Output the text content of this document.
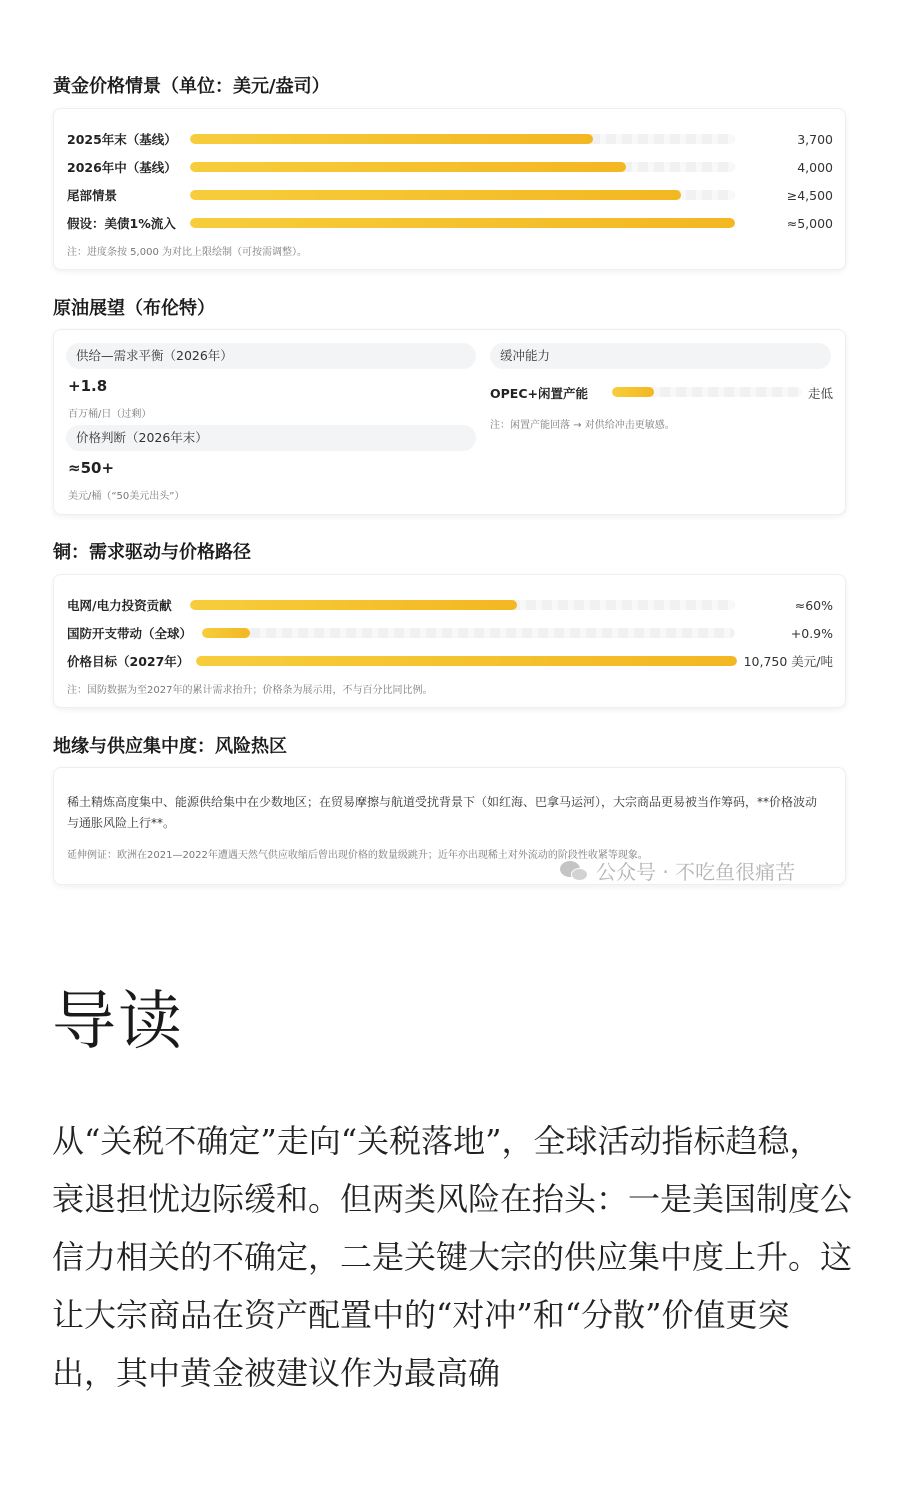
黄金价格情景（单位：美元/盎司）
2025年末（基线）	3,700
2026年中（基线）	4,000
尾部情景	≥4,500
假设：美债1%流入	≈5,000
注：进度条按 5,000 为对比上限绘制（可按需调整）。
原油展望（布伦特）
供给—需求平衡（2026年）
+1.8
百万桶/日（过剩）
价格判断（2026年末）
≈50+
美元/桶（“50美元出头”）
缓冲能力
OPEC+闲置产能	走低
注：闲置产能回落 → 对供给冲击更敏感。
铜：需求驱动与价格路径
电网/电力投资贡献	≈60%
国防开支带动（全球）	+0.9%
价格目标（2027年）	10,750 美元/吨
注：国防数据为至2027年的累计需求抬升；价格条为展示用，不与百分比同比例。
地缘与供应集中度：风险热区
稀土精炼高度集中、能源供给集中在少数地区；在贸易摩擦与航道受扰背景下（如红海、巴拿马运河），大宗商品更易被当作筹码，**价格波动与通胀风险上行**。
延伸例证：欧洲在2021—2022年遭遇天然气供应收缩后曾出现价格的数量级跳升；近年亦出现稀土对外流动的阶段性收紧等现象。
公众号 · 不吃鱼很痛苦
导读
从“关税不确定”走向“关税落地”，全球活动指标趋稳，衰退担忧边际缓和。但两类风险在抬头：一是美国制度公信力相关的不确定，二是关键大宗的供应集中度上升。这让大宗商品在资产配置中的“对冲”和“分散”价值更突出，其中黄金被建议作为最高确
